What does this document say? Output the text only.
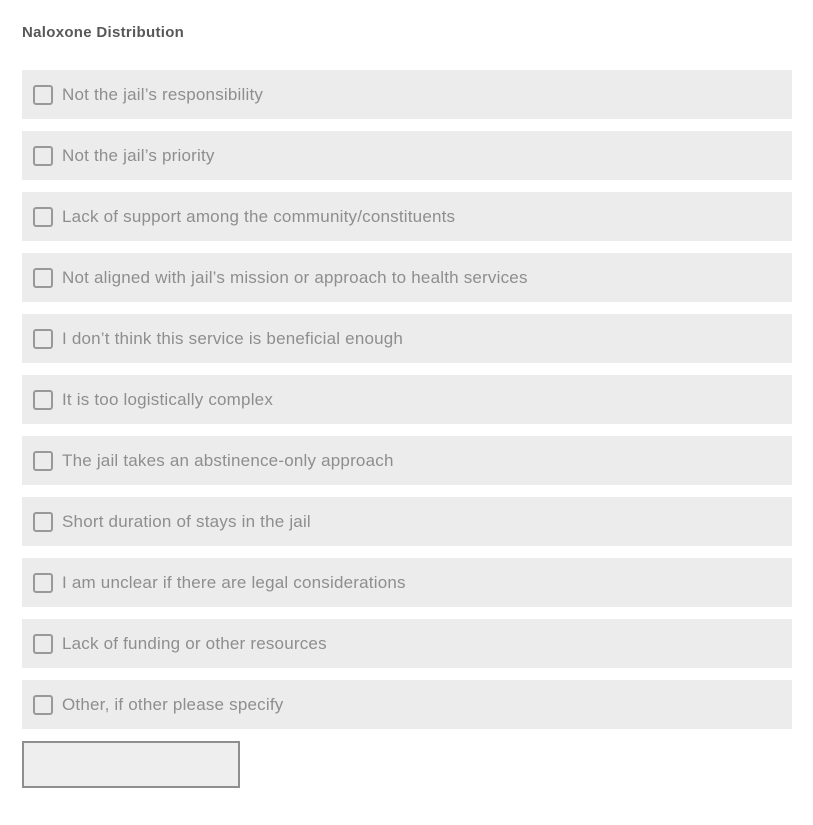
Naloxone Distribution
Not the jail’s responsibility
Not the jail’s priority
Lack of support among the community/constituents
Not aligned with jail’s mission or approach to health services
I don’t think this service is beneficial enough
It is too logistically complex
The jail takes an abstinence-only approach
Short duration of stays in the jail
I am unclear if there are legal considerations
Lack of funding or other resources
Other, if other please specify
